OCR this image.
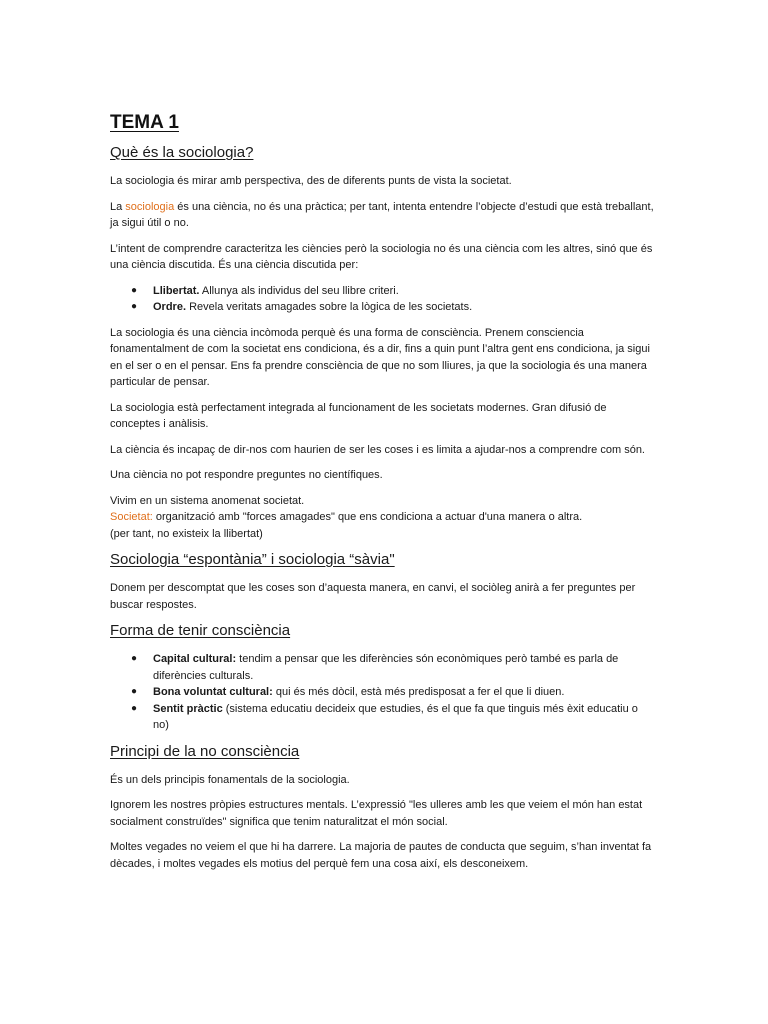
TEMA 1
Què és la sociologia?

La sociologia és mirar amb perspectiva, des de diferents punts de vista la societat.

La sociologia és una ciència, no és una pràctica; per tant, intenta entendre l’objecte d’estudi que està treballant, ja sigui útil o no.

L’intent de comprendre caracteritza les ciències però la sociologia no és una ciència com les altres, sinó que és una ciència discutida. És una ciència discutida per:

● Llibertat. Allunya als individus del seu llibre criteri.
● Ordre. Revela veritats amagades sobre la lògica de les societats.

La sociologia és una ciència incòmoda perquè és una forma de consciència. Prenem consciencia fonamentalment de com la societat ens condiciona, és a dir, fins a quin punt l’altra gent ens condiciona, ja sigui en el ser o en el pensar. Ens fa prendre consciència de que no som lliures, ja que la sociologia és una manera particular de pensar.

La sociologia està perfectament integrada al funcionament de les societats modernes. Gran difusió de conceptes i anàlisis.

La ciència és incapaç de dir-nos com haurien de ser les coses i es limita a ajudar-nos a comprendre com són.

Una ciència no pot respondre preguntes no científiques.

Vivim en un sistema anomenat societat.
Societat: organització amb "forces amagades" que ens condiciona a actuar d'una manera o altra.
(per tant, no existeix la llibertat)

Sociologia “espontània” i sociologia “sàvia"

Donem per descomptat que les coses son d’aquesta manera, en canvi, el sociòleg anirà a fer preguntes per buscar respostes.

Forma de tenir consciència
● Capital cultural: tendim a pensar que les diferències són econòmiques però també es parla de diferències culturals.
● Bona voluntat cultural: qui és més dòcil, està més predisposat a fer el que li diuen.
● Sentit pràctic (sistema educatiu decideix que estudies, és el que fa que tinguis més èxit educatiu o no)
Principi de la no consciència

És un dels principis fonamentals de la sociologia.

Ignorem les nostres pròpies estructures mentals. L’expressió "les ulleres amb les que veiem el món han estat socialment construïdes" significa que tenim naturalitzat el món social.

Moltes vegades no veiem el que hi ha darrere. La majoria de pautes de conducta que seguim, s’han inventat fa dècades, i moltes vegades els motius del perquè fem una cosa així, els desconeixem.
